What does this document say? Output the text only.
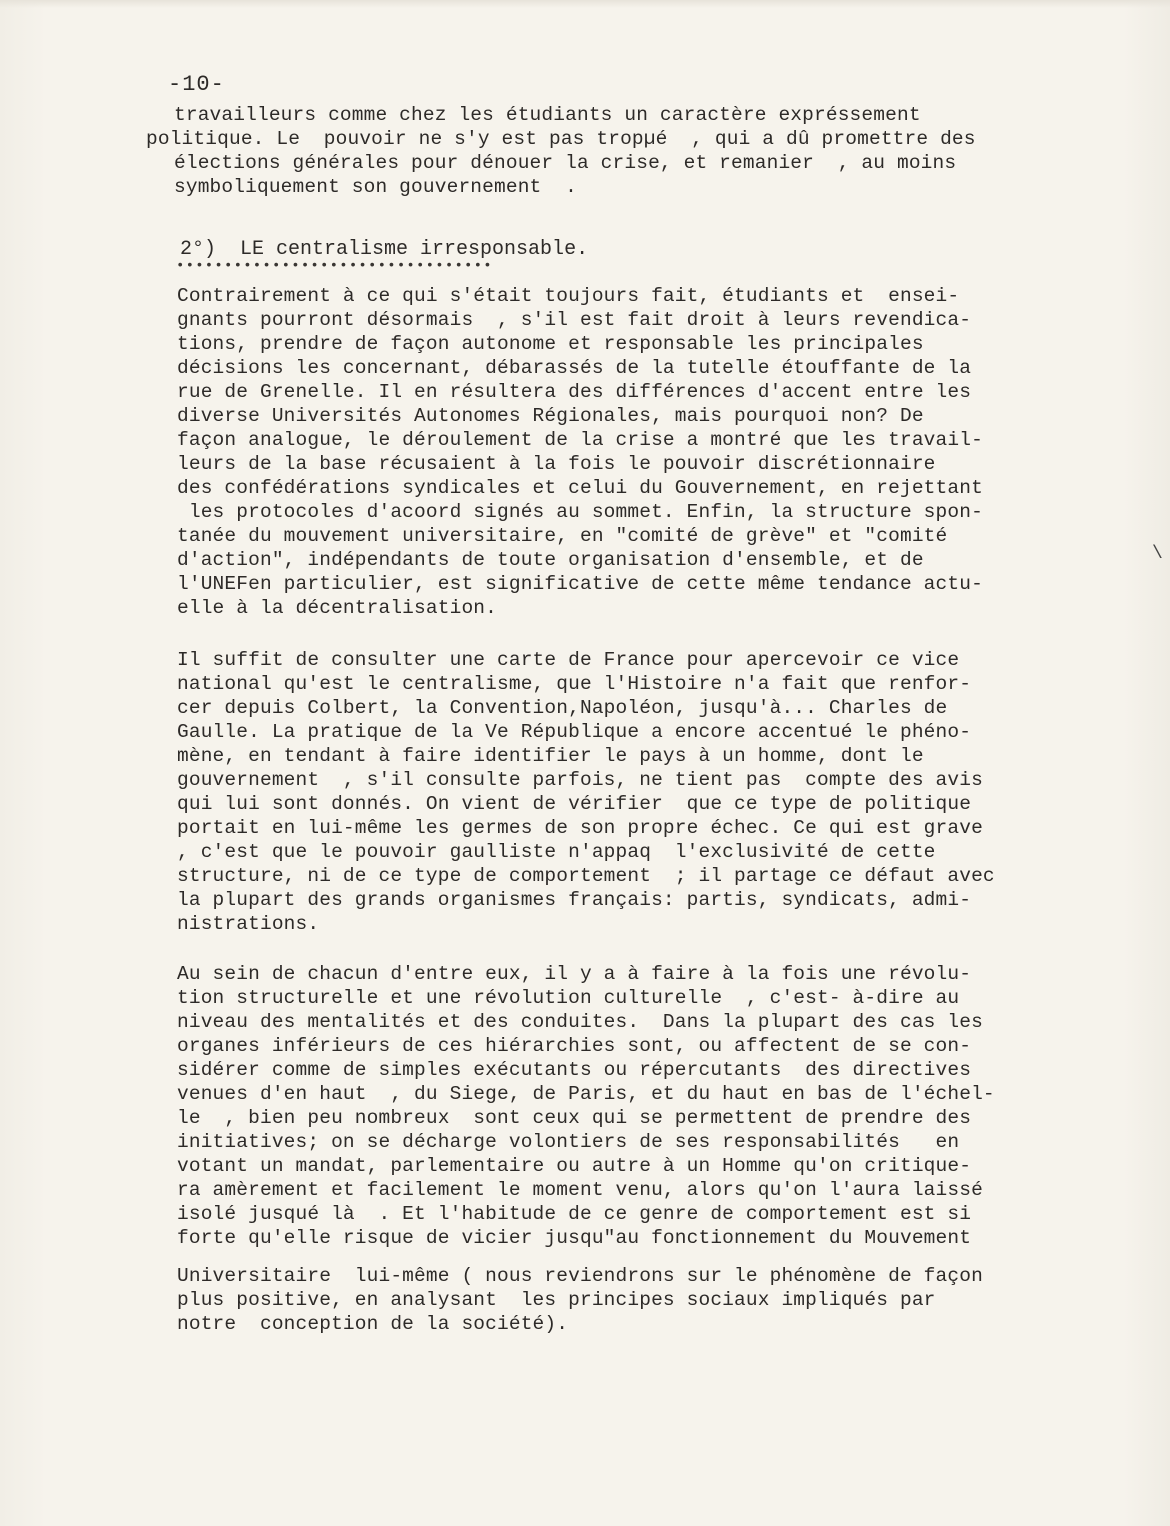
-10-
travailleurs comme chez les étudiants un caractère expréssement
politique. Le  pouvoir ne s'y est pas tropµé  , qui a dû promettre des
élections générales pour dénouer la crise, et remanier  , au moins
symboliquement son gouvernement  .
2°)  LE centralisme irresponsable.
•••••••••••••••••••••••••••••••••
Contrairement à ce qui s'était toujours fait, étudiants et  ensei-
gnants pourront désormais  , s'il est fait droit à leurs revendica-
tions, prendre de façon autonome et responsable les principales
décisions les concernant, débarassés de la tutelle étouffante de la
rue de Grenelle. Il en résultera des différences d'accent entre les
diverse Universités Autonomes Régionales, mais pourquoi non? De
façon analogue, le déroulement de la crise a montré que les travail-
leurs de la base récusaient à la fois le pouvoir discrétionnaire
des confédérations syndicales et celui du Gouvernement, en rejettant
les protocoles d'acoord signés au sommet. Enfin, la structure spon-
tanée du mouvement universitaire, en "comité de grève" et "comité
d'action", indépendants de toute organisation d'ensemble, et de
l'UNEFen particulier, est significative de cette même tendance actu-
elle à la décentralisation.
Il suffit de consulter une carte de France pour apercevoir ce vice
national qu'est le centralisme, que l'Histoire n'a fait que renfor-
cer depuis Colbert, la Convention,Napoléon, jusqu'à... Charles de
Gaulle. La pratique de la Ve République a encore accentué le phéno-
mène, en tendant à faire identifier le pays à un homme, dont le
gouvernement  , s'il consulte parfois, ne tient pas  compte des avis
qui lui sont donnés. On vient de vérifier  que ce type de politique
portait en lui-même les germes de son propre échec. Ce qui est grave
, c'est que le pouvoir gaulliste n'appaq  l'exclusivité de cette
structure, ni de ce type de comportement  ; il partage ce défaut avec
la plupart des grands organismes français: partis, syndicats, admi-
nistrations.
Au sein de chacun d'entre eux, il y a à faire à la fois une révolu-
tion structurelle et une révolution culturelle  , c'est- à-dire au
niveau des mentalités et des conduites.  Dans la plupart des cas les
organes inférieurs de ces hiérarchies sont, ou affectent de se con-
sidérer comme de simples exécutants ou répercutants  des directives
venues d'en haut  , du Siege, de Paris, et du haut en bas de l'échel-
le  , bien peu nombreux  sont ceux qui se permettent de prendre des
initiatives; on se décharge volontiers de ses responsabilités   en
votant un mandat, parlementaire ou autre à un Homme qu'on critique-
ra amèrement et facilement le moment venu, alors qu'on l'aura laissé
isolé jusqué là  . Et l'habitude de ce genre de comportement est si
forte qu'elle risque de vicier jusqu"au fonctionnement du Mouvement
Universitaire  lui-même ( nous reviendrons sur le phénomène de façon
plus positive, en analysant  les principes sociaux impliqués par
notre  conception de la société).
\
